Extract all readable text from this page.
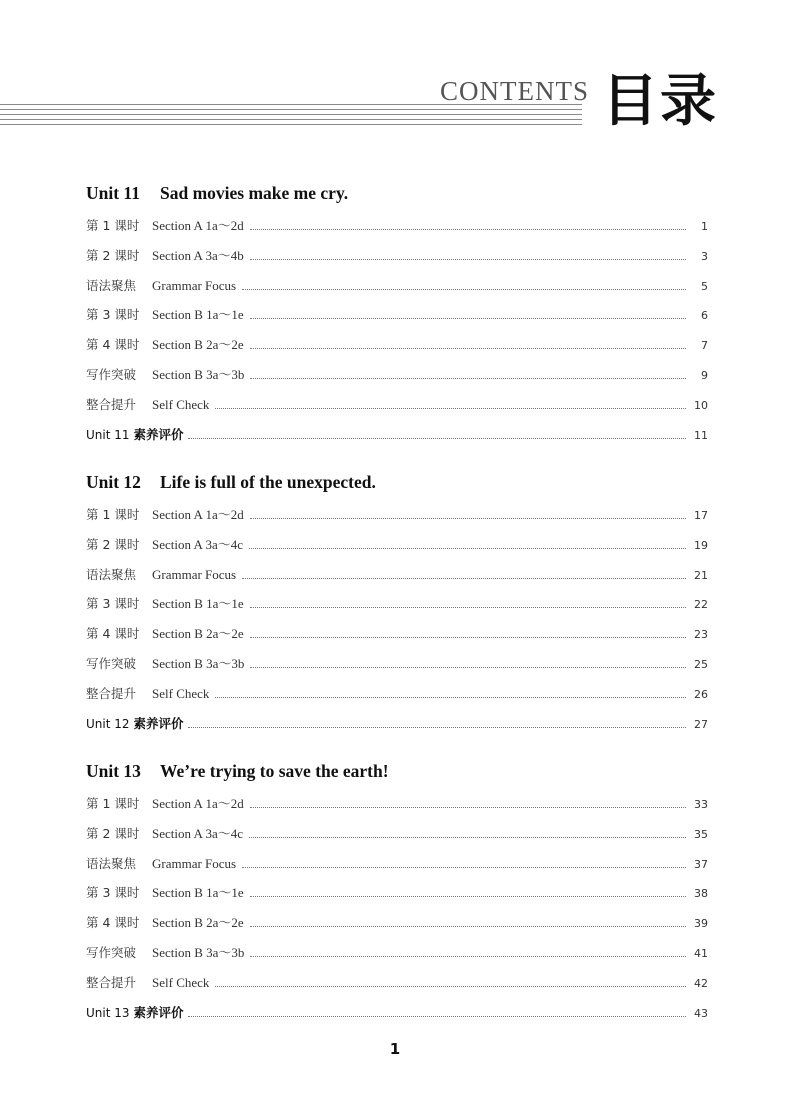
CONTENTS 目录
Unit 11 Sad movies make me cry.
第 1 课时 Section A 1a～2d	1
第 2 课时 Section A 3a～4b	3
语法聚焦	Grammar Focus	5
第 3 课时 Section B 1a～1e	6
第 4 课时 Section B 2a～2e	7
写作突破	Section B 3a～3b	9
整合提升	Self Check	10
Unit 11 素养评价	11
Unit 12 Life is full of the unexpected.
第 1 课时 Section A 1a～2d	17
第 2 课时 Section A 3a～4c	19
语法聚焦	Grammar Focus	21
第 3 课时 Section B 1a～1e	22
第 4 课时 Section B 2a～2e	23
写作突破	Section B 3a～3b	25
整合提升	Self Check	26
Unit 12 素养评价	27
Unit 13 We’re trying to save the earth!
第 1 课时 Section A 1a～2d	33
第 2 课时 Section A 3a～4c	35
语法聚焦	Grammar Focus	37
第 3 课时 Section B 1a～1e	38
第 4 课时 Section B 2a～2e	39
写作突破	Section B 3a～3b	41
整合提升	Self Check	42
Unit 13 素养评价	43
1
